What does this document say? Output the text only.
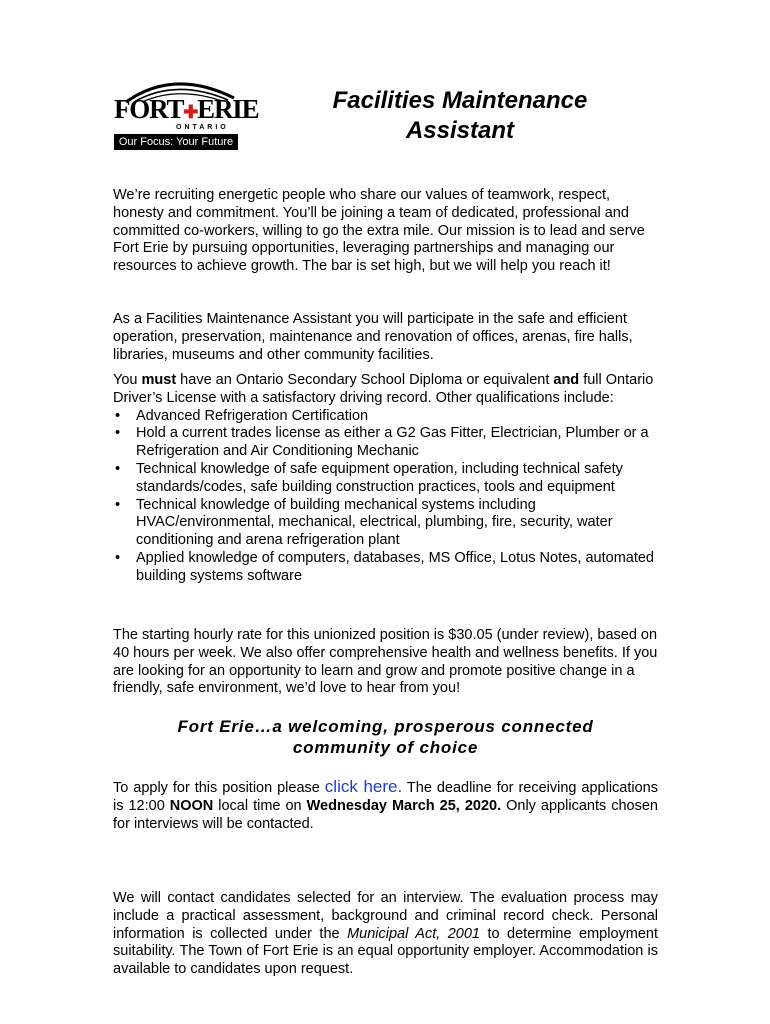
FORT✚ERIE
ONTARIO
Our Focus: Your Future
Facilities Maintenance
Assistant

We’re recruiting energetic people who share our values of teamwork, respect, honesty and commitment. You’ll be joining a team of dedicated, professional and committed co-workers, willing to go the extra mile. Our mission is to lead and serve Fort Erie by pursuing opportunities, leveraging partnerships and managing our resources to achieve growth. The bar is set high, but we will help you reach it!

As a Facilities Maintenance Assistant you will participate in the safe and efficient operation, preservation, maintenance and renovation of offices, arenas, fire halls, libraries, museums and other community facilities.

You must have an Ontario Secondary School Diploma or equivalent and full Ontario Driver’s License with a satisfactory driving record. Other qualifications include:

• Advanced Refrigeration Certification
• Hold a current trades license as either a G2 Gas Fitter, Electrician, Plumber or a Refrigeration and Air Conditioning Mechanic
• Technical knowledge of safe equipment operation, including technical safety standards/codes, safe building construction practices, tools and equipment
• Technical knowledge of building mechanical systems including HVAC/environmental, mechanical, electrical, plumbing, fire, security, water conditioning and arena refrigeration plant
• Applied knowledge of computers, databases, MS Office, Lotus Notes, automated building systems software

The starting hourly rate for this unionized position is $30.05 (under review), based on 40 hours per week. We also offer comprehensive health and wellness benefits. If you are looking for an opportunity to learn and grow and promote positive change in a friendly, safe environment, we’d love to hear from you!

Fort Erie…a welcoming, prosperous connected
community of choice

To apply for this position please click here. The deadline for receiving applications is 12:00 NOON local time on Wednesday March 25, 2020. Only applicants chosen for interviews will be contacted.

We will contact candidates selected for an interview. The evaluation process may include a practical assessment, background and criminal record check. Personal information is collected under the Municipal Act, 2001 to determine employment suitability. The Town of Fort Erie is an equal opportunity employer. Accommodation is available to candidates upon request.
